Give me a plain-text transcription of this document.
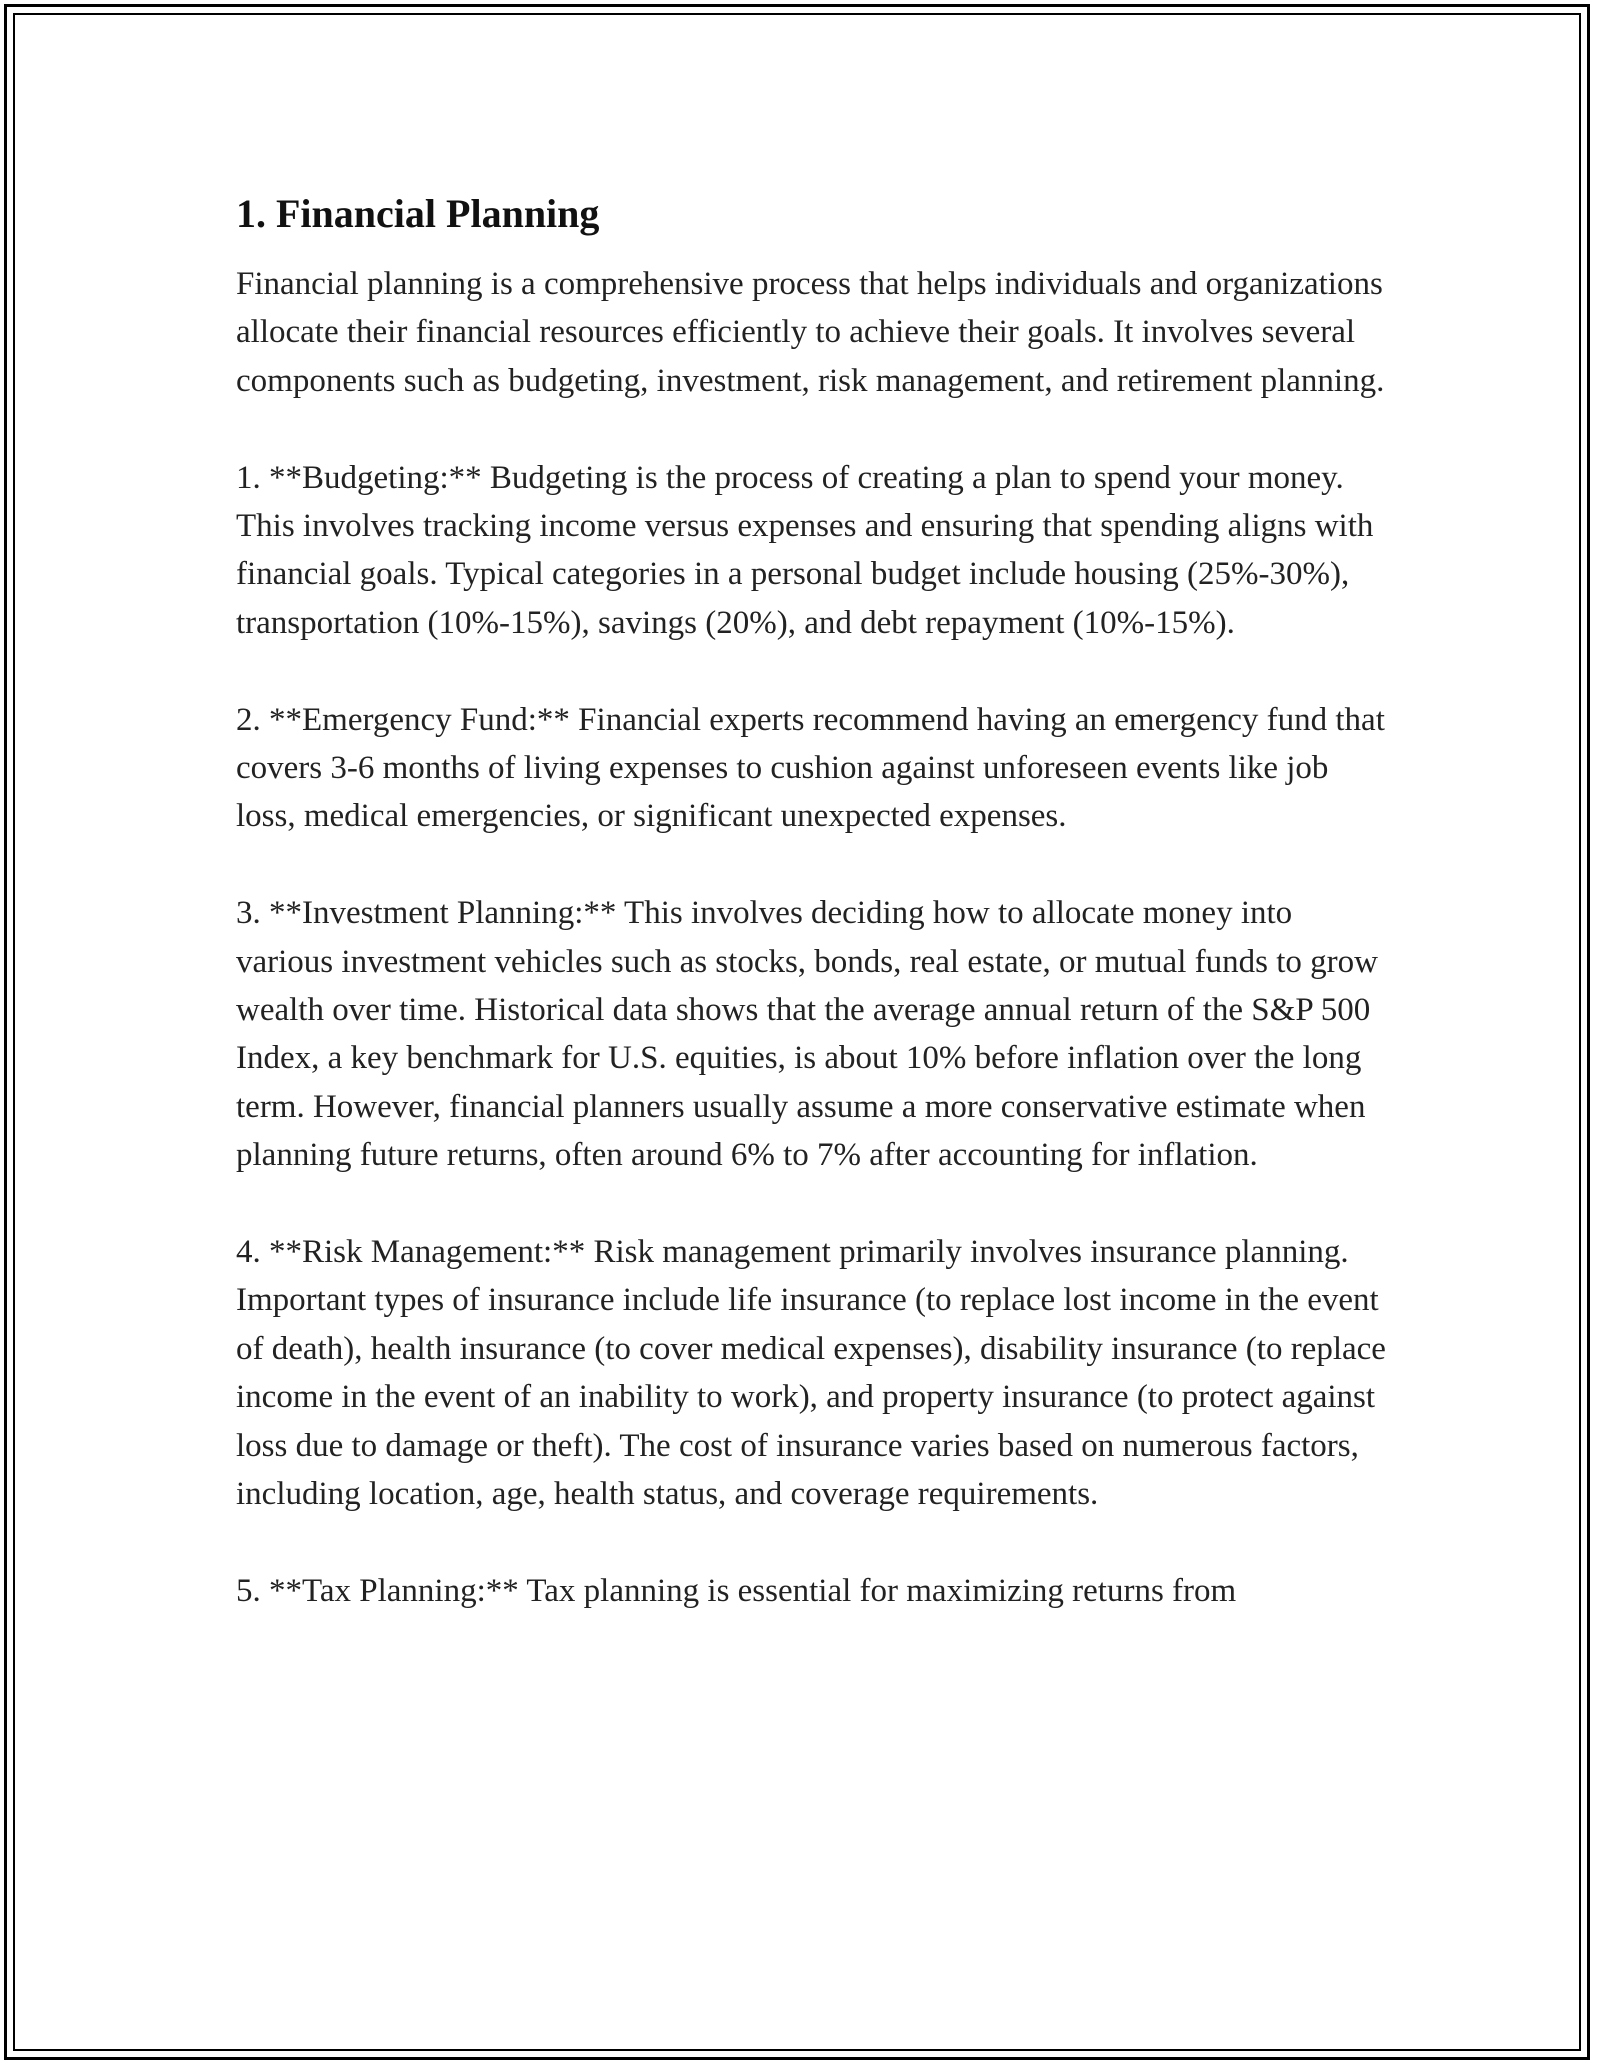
1. Financial Planning

Financial planning is a comprehensive process that helps individuals and organizations allocate their financial resources efficiently to achieve their goals. It involves several components such as budgeting, investment, risk management, and retirement planning.

1. **Budgeting:** Budgeting is the process of creating a plan to spend your money. This involves tracking income versus expenses and ensuring that spending aligns with financial goals. Typical categories in a personal budget include housing (25%-30%), transportation (10%-15%), savings (20%), and debt repayment (10%-15%).

2. **Emergency Fund:** Financial experts recommend having an emergency fund that covers 3-6 months of living expenses to cushion against unforeseen events like job loss, medical emergencies, or significant unexpected expenses.

3. **Investment Planning:** This involves deciding how to allocate money into various investment vehicles such as stocks, bonds, real estate, or mutual funds to grow wealth over time. Historical data shows that the average annual return of the S&P 500 Index, a key benchmark for U.S. equities, is about 10% before inflation over the long term. However, financial planners usually assume a more conservative estimate when planning future returns, often around 6% to 7% after accounting for inflation.

4. **Risk Management:** Risk management primarily involves insurance planning. Important types of insurance include life insurance (to replace lost income in the event of death), health insurance (to cover medical expenses), disability insurance (to replace income in the event of an inability to work), and property insurance (to protect against loss due to damage or theft). The cost of insurance varies based on numerous factors, including location, age, health status, and coverage requirements.

5. **Tax Planning:** Tax planning is essential for maximizing returns from
